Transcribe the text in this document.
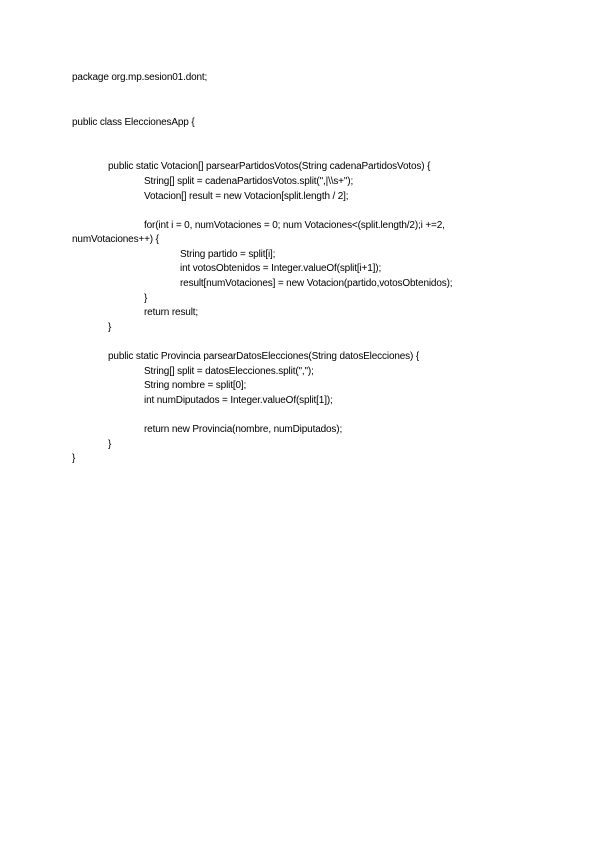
package org.mp.sesion01.dont;
public class EleccionesApp {
public static Votacion[] parsearPartidosVotos(String cadenaPartidosVotos) {
String[] split = cadenaPartidosVotos.split(",|\\s+");
Votacion[] result = new Votacion[split.length / 2];
for(int i = 0, numVotaciones = 0; num Votaciones<(split.length/2);i +=2,
numVotaciones++) {
String partido = split[i];
int votosObtenidos = Integer.valueOf(split[i+1]);
result[numVotaciones] = new Votacion(partido,votosObtenidos);
}
return result;
}
public static Provincia parsearDatosElecciones(String datosElecciones) {
String[] split = datosElecciones.split(",");
String nombre = split[0];
int numDiputados = Integer.valueOf(split[1]);
return new Provincia(nombre, numDiputados);
}
}
